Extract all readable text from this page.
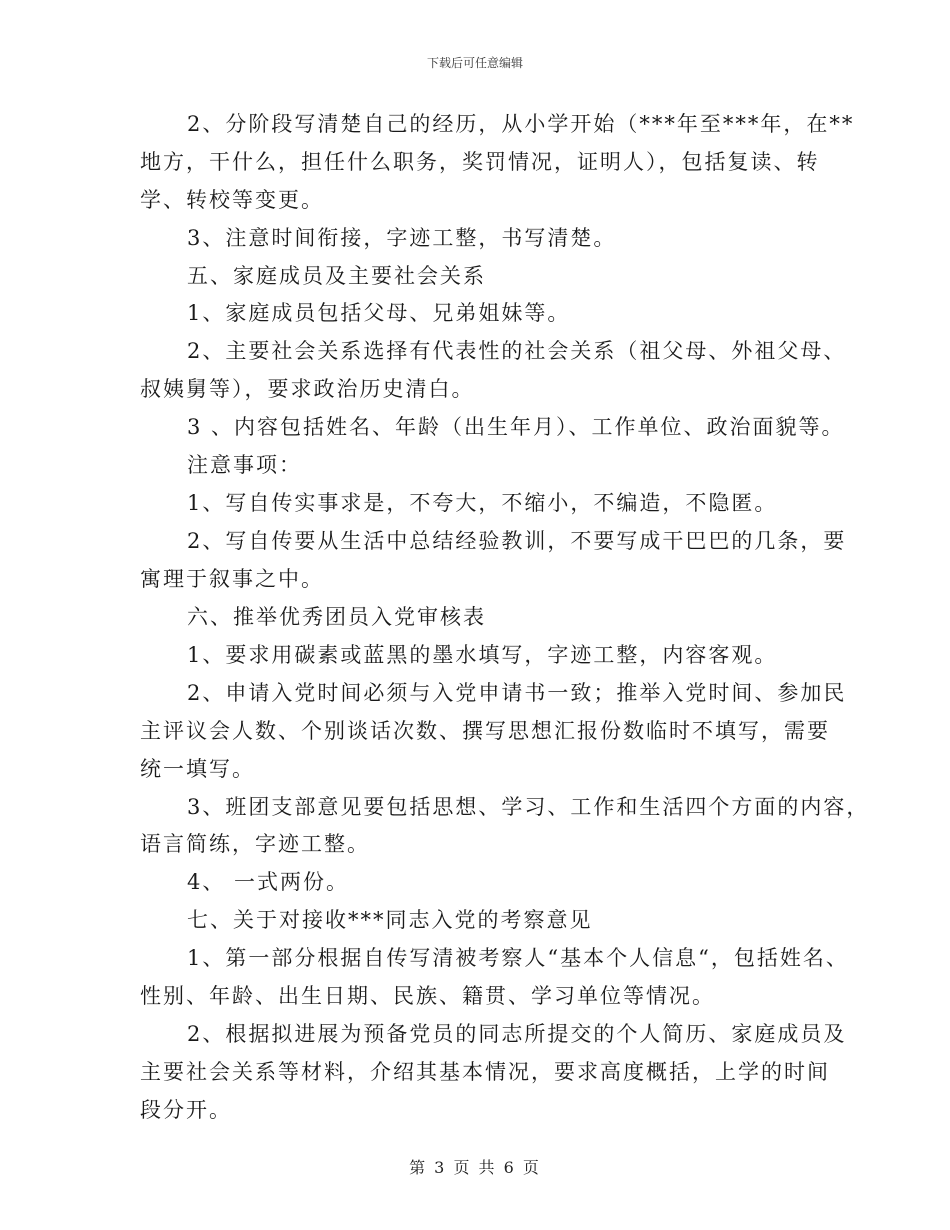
下载后可任意编辑
2、分阶段写清楚自己的经历，从小学开始（***年至***年，在**
地方，干什么，担任什么职务，奖罚情况，证明人），包括复读、转
学、转校等变更。
3、注意时间衔接，字迹工整，书写清楚。
五、家庭成员及主要社会关系
1、家庭成员包括父母、兄弟姐妹等。
2、主要社会关系选择有代表性的社会关系（祖父母、外祖父母、
叔姨舅等），要求政治历史清白。
3 、内容包括姓名、年龄（出生年月）、工作单位、政治面貌等。
注意事项：
1、写自传实事求是，不夸大，不缩小，不编造，不隐匿。
2、写自传要从生活中总结经验教训，不要写成干巴巴的几条，要
寓理于叙事之中。
六、推举优秀团员入党审核表
1、要求用碳素或蓝黑的墨水填写，字迹工整，内容客观。
2、申请入党时间必须与入党申请书一致；推举入党时间、参加民
主评议会人数、个别谈话次数、撰写思想汇报份数临时不填写，需要
统一填写。
3、班团支部意见要包括思想、学习、工作和生活四个方面的内容，
语言简练，字迹工整。
4、 一式两份。
七、关于对接收***同志入党的考察意见
1、第一部分根据自传写清被考察人“基本个人信息“，包括姓名、
性别、年龄、出生日期、民族、籍贯、学习单位等情况。
2、根据拟进展为预备党员的同志所提交的个人简历、家庭成员及
主要社会关系等材料，介绍其基本情况，要求高度概括，上学的时间
段分开。
第 3 页 共 6 页
